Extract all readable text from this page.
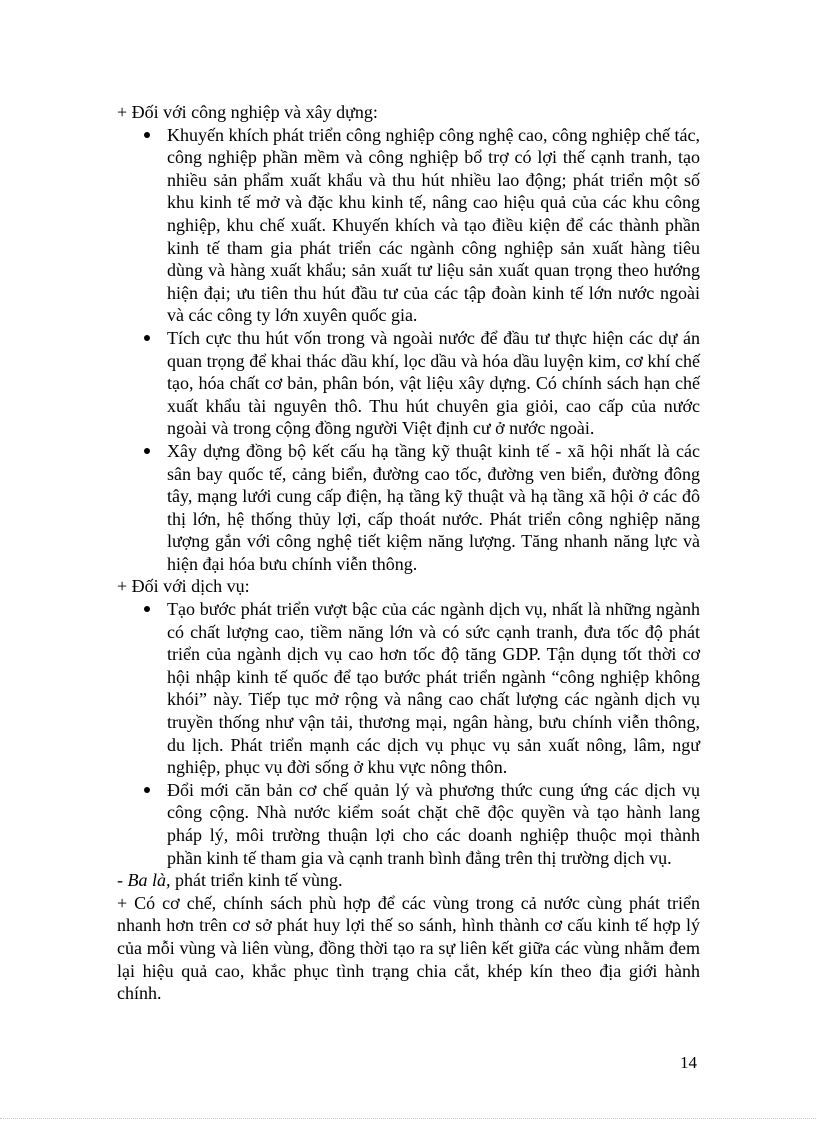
+ Đối với công nghiệp và xây dựng:

Khuyến khích phát triển công nghiệp công nghệ cao, công nghiệp chế tác, công nghiệp phần mềm và công nghiệp bổ trợ có lợi thế cạnh tranh, tạo nhiều sản phẩm xuất khẩu và thu hút nhiều lao động; phát triển một số khu kinh tế mở và đặc khu kinh tế, nâng cao hiệu quả của các khu công nghiệp, khu chế xuất. Khuyến khích và tạo điều kiện để các thành phần kinh tế tham gia phát triển các ngành công nghiệp sản xuất hàng tiêu dùng và hàng xuất khẩu; sản xuất tư liệu sản xuất quan trọng theo hướng hiện đại; ưu tiên thu hút đầu tư của các tập đoàn kinh tế lớn nước ngoài và các công ty lớn xuyên quốc gia.
Tích cực thu hút vốn trong và ngoài nước để đầu tư thực hiện các dự án quan trọng để khai thác dầu khí, lọc dầu và hóa dầu luyện kim, cơ khí chế tạo, hóa chất cơ bản, phân bón, vật liệu xây dựng. Có chính sách hạn chế xuất khẩu tài nguyên thô. Thu hút chuyên gia giỏi, cao cấp của nước ngoài và trong cộng đồng người Việt định cư ở nước ngoài.
Xây dựng đồng bộ kết cấu hạ tầng kỹ thuật kinh tế - xã hội nhất là các sân bay quốc tế, cảng biển, đường cao tốc, đường ven biển, đường đông tây, mạng lưới cung cấp điện, hạ tầng kỹ thuật và hạ tầng xã hội ở các đô thị lớn, hệ thống thủy lợi, cấp thoát nước. Phát triển công nghiệp năng lượng gắn với công nghệ tiết kiệm năng lượng. Tăng nhanh năng lực và hiện đại hóa bưu chính viễn thông.

+ Đối với dịch vụ:

Tạo bước phát triển vượt bậc của các ngành dịch vụ, nhất là những ngành có chất lượng cao, tiềm năng lớn và có sức cạnh tranh, đưa tốc độ phát triển của ngành dịch vụ cao hơn tốc độ tăng GDP. Tận dụng tốt thời cơ hội nhập kinh tế quốc để tạo bước phát triển ngành “công nghiệp không khói” này. Tiếp tục mở rộng và nâng cao chất lượng các ngành dịch vụ truyền thống như vận tải, thương mại, ngân hàng, bưu chính viễn thông, du lịch. Phát triển mạnh các dịch vụ phục vụ sản xuất nông, lâm, ngư nghiệp, phục vụ đời sống ở khu vực nông thôn.
Đổi mới căn bản cơ chế quản lý và phương thức cung ứng các dịch vụ công cộng. Nhà nước kiểm soát chặt chẽ độc quyền và tạo hành lang pháp lý, môi trường thuận lợi cho các doanh nghiệp thuộc mọi thành phần kinh tế tham gia và cạnh tranh bình đẳng trên thị trường dịch vụ.

- Ba là, phát triển kinh tế vùng.

+ Có cơ chế, chính sách phù hợp để các vùng trong cả nước cùng phát triển nhanh hơn trên cơ sở phát huy lợi thế so sánh, hình thành cơ cấu kinh tế hợp lý của mỗi vùng và liên vùng, đồng thời tạo ra sự liên kết giữa các vùng nhằm đem lại hiệu quả cao, khắc phục tình trạng chia cắt, khép kín theo địa giới hành chính.

14
